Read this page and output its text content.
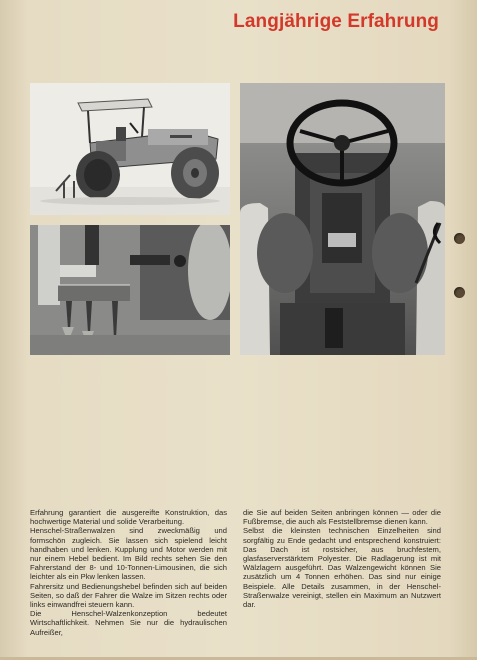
Langjährige Erfahrung

Erfahrung garantiert die ausgereifte Konstruktion, das hochwertige Material und solide Verarbeitung.

Henschel-Straßenwalzen sind zweckmäßig und formschön zugleich. Sie lassen sich spielend leicht handhaben und lenken. Kupplung und Motor werden mit nur einem Hebel bedient. Im Bild rechts sehen Sie den Fahrerstand der 8- und 10-Tonnen-Limousinen, die sich leichter als ein Pkw lenken lassen.

Fahrersitz und Bedienungshebel befinden sich auf beiden Seiten, so daß der Fahrer die Walze im Sitzen rechts oder links einwandfrei steuern kann.

Die Henschel-Walzenkonzeption bedeutet Wirtschaftlichkeit. Nehmen Sie nur die hydraulischen Aufreißer,

die Sie auf beiden Seiten anbringen können — oder die Fußbremse, die auch als Feststellbremse dienen kann.

Selbst die kleinsten technischen Einzelheiten sind sorgfältig zu Ende gedacht und entsprechend konstruiert: Das Dach ist rostsicher, aus bruchfestem, glasfaserverstärktem Polyester. Die Radlagerung ist mit Wälzlagern ausgeführt. Das Walzengewicht können Sie zusätzlich um 4 Tonnen erhöhen. Das sind nur einige Beispiele. Alle Details zusammen, in der Henschel-Straßenwalze vereinigt, stellen ein Maximum an Nutzwert dar.
